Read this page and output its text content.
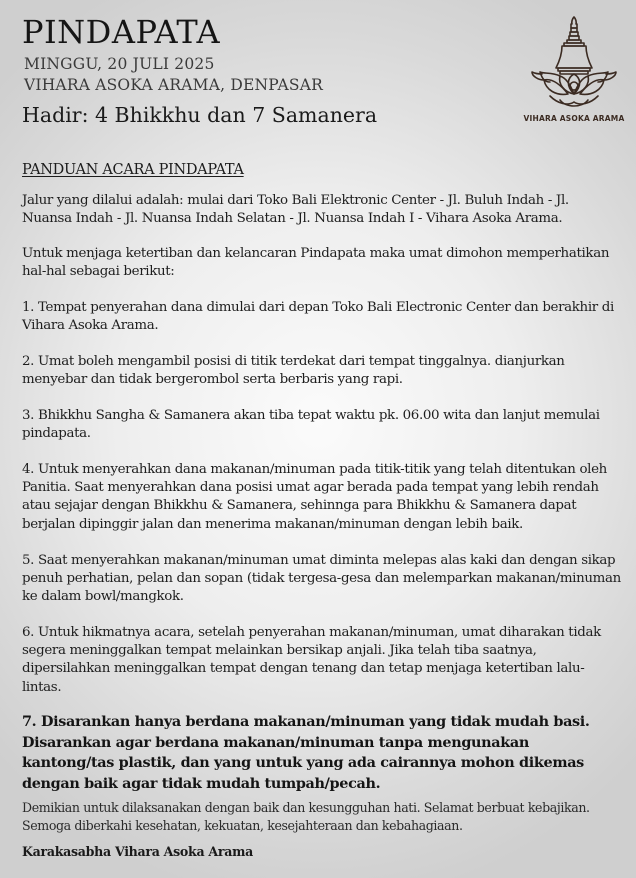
PINDAPATA
MINGGU, 20 JULI 2025
VIHARA ASOKA ARAMA, DENPASAR
Hadir: 4 Bhikkhu dan 7 Samanera	VIHARA ASOKA ARAMA
PANDUAN ACARA PINDAPATA

Jalur yang dilalui adalah: mulai dari Toko Bali Elektronic Center - Jl. Buluh Indah - Jl. Nuansa Indah - Jl. Nuansa Indah Selatan - Jl. Nuansa Indah I - Vihara Asoka Arama.

Untuk menjaga ketertiban dan kelancaran Pindapata maka umat dimohon memperhatikan hal-hal sebagai berikut:

1. Tempat penyerahan dana dimulai dari depan Toko Bali Electronic Center dan berakhir di Vihara Asoka Arama.

2. Umat boleh mengambil posisi di titik terdekat dari tempat tinggalnya. dianjurkan menyebar dan tidak bergerombol serta berbaris yang rapi.

3. Bhikkhu Sangha & Samanera akan tiba tepat waktu pk. 06.00 wita dan lanjut memulai pindapata.

4. Untuk menyerahkan dana makanan/minuman pada titik-titik yang telah ditentukan oleh Panitia. Saat menyerahkan dana posisi umat agar berada pada tempat yang lebih rendah atau sejajar dengan Bhikkhu & Samanera, sehinnga para Bhikkhu & Samanera dapat berjalan dipinggir jalan dan menerima makanan/minuman dengan lebih baik.

5. Saat menyerahkan makanan/minuman umat diminta melepas alas kaki dan dengan sikap penuh perhatian, pelan dan sopan (tidak tergesa-gesa dan melemparkan makanan/minuman ke dalam bowl/mangkok.

6. Untuk hikmatnya acara, setelah penyerahan makanan/minuman, umat diharakan tidak segera meninggalkan tempat melainkan bersikap anjali. Jika telah tiba saatnya, dipersilahkan meninggalkan tempat dengan tenang dan tetap menjaga ketertiban lalu-lintas.

7. Disarankan hanya berdana makanan/minuman yang tidak mudah basi. Disarankan agar berdana makanan/minuman tanpa mengunakan kantong/tas plastik, dan yang untuk yang ada cairannya mohon dikemas dengan baik agar tidak mudah tumpah/pecah.

Demikian untuk dilaksanakan dengan baik dan kesungguhan hati. Selamat berbuat kebajikan. Semoga diberkahi kesehatan, kekuatan, kesejahteraan dan kebahagiaan.

Karakasabha Vihara Asoka Arama
